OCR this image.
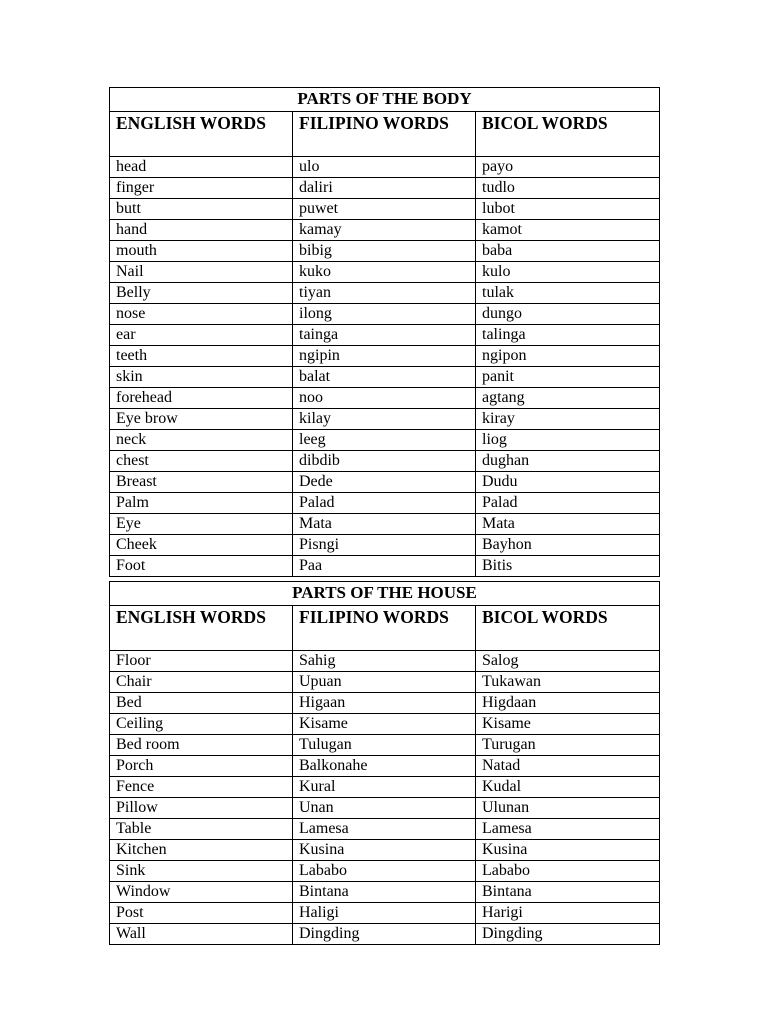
PARTS OF THE BODY		
ENGLISH WORDS	FILIPINO WORDS	BICOL WORDS
head	ulo	payo
finger	daliri	tudlo
butt	puwet	lubot
hand	kamay	kamot
mouth	bibig	baba
Nail	kuko	kulo
Belly	tiyan	tulak
nose	ilong	dungo
ear	tainga	talinga
teeth	ngipin	ngipon
skin	balat	panit
forehead	noo	agtang
Eye brow	kilay	kiray
neck	leeg	liog
chest	dibdib	dughan
Breast	Dede	Dudu
Palm	Palad	Palad
Eye	Mata	Mata
Cheek	Pisngi	Bayhon
Foot	Paa	Bitis
PARTS OF THE HOUSE		
ENGLISH WORDS	FILIPINO WORDS	BICOL WORDS
Floor	Sahig	Salog
Chair	Upuan	Tukawan
Bed	Higaan	Higdaan
Ceiling	Kisame	Kisame
Bed room	Tulugan	Turugan
Porch	Balkonahe	Natad
Fence	Kural	Kudal
Pillow	Unan	Ulunan
Table	Lamesa	Lamesa
Kitchen	Kusina	Kusina
Sink	Lababo	Lababo
Window	Bintana	Bintana
Post	Haligi	Harigi
Wall	Dingding	Dingding
